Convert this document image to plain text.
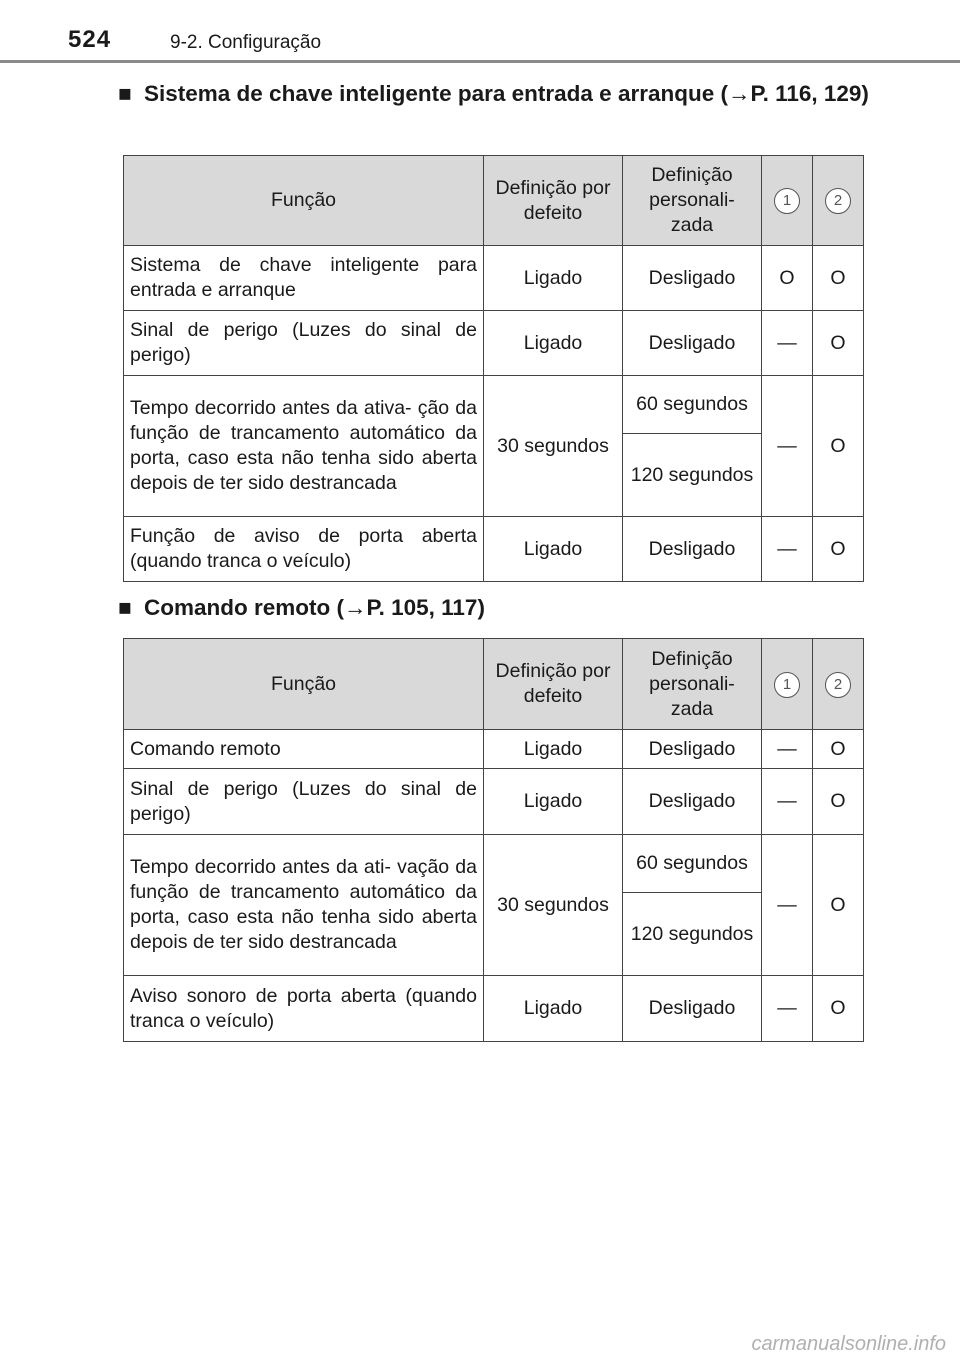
524	9-2. Configuração
■ Sistema de chave inteligente para entrada e arranque (→P. 116, 129)
Função	Definição por defeito	Definição personali- zada	1	2
Sistema de chave inteligente para entrada e arranque	Ligado	Desligado	O	O
Sinal de perigo (Luzes do sinal de perigo)	Ligado	Desligado	—	O
Tempo decorrido antes da ativa- ção da função de trancamento automático da porta, caso esta não tenha sido aberta depois de ter sido destrancada	30 segundos	60 segundos	—	O
		120 segundos		
Função de aviso de porta aberta (quando tranca o veículo)	Ligado	Desligado	—	O
■ Comando remoto (→P. 105, 117)
Função	Definição por defeito	Definição personali- zada	1	2
Comando remoto	Ligado	Desligado	—	O
Sinal de perigo (Luzes do sinal de perigo)	Ligado	Desligado	—	O
Tempo decorrido antes da ati- vação da função de trancamento automático da porta, caso esta não tenha sido aberta depois de ter sido destrancada	30 segundos	60 segundos	—	O
		120 segundos		
Aviso sonoro de porta aberta (quando tranca o veículo)	Ligado	Desligado	—	O
carmanualsonline.info
